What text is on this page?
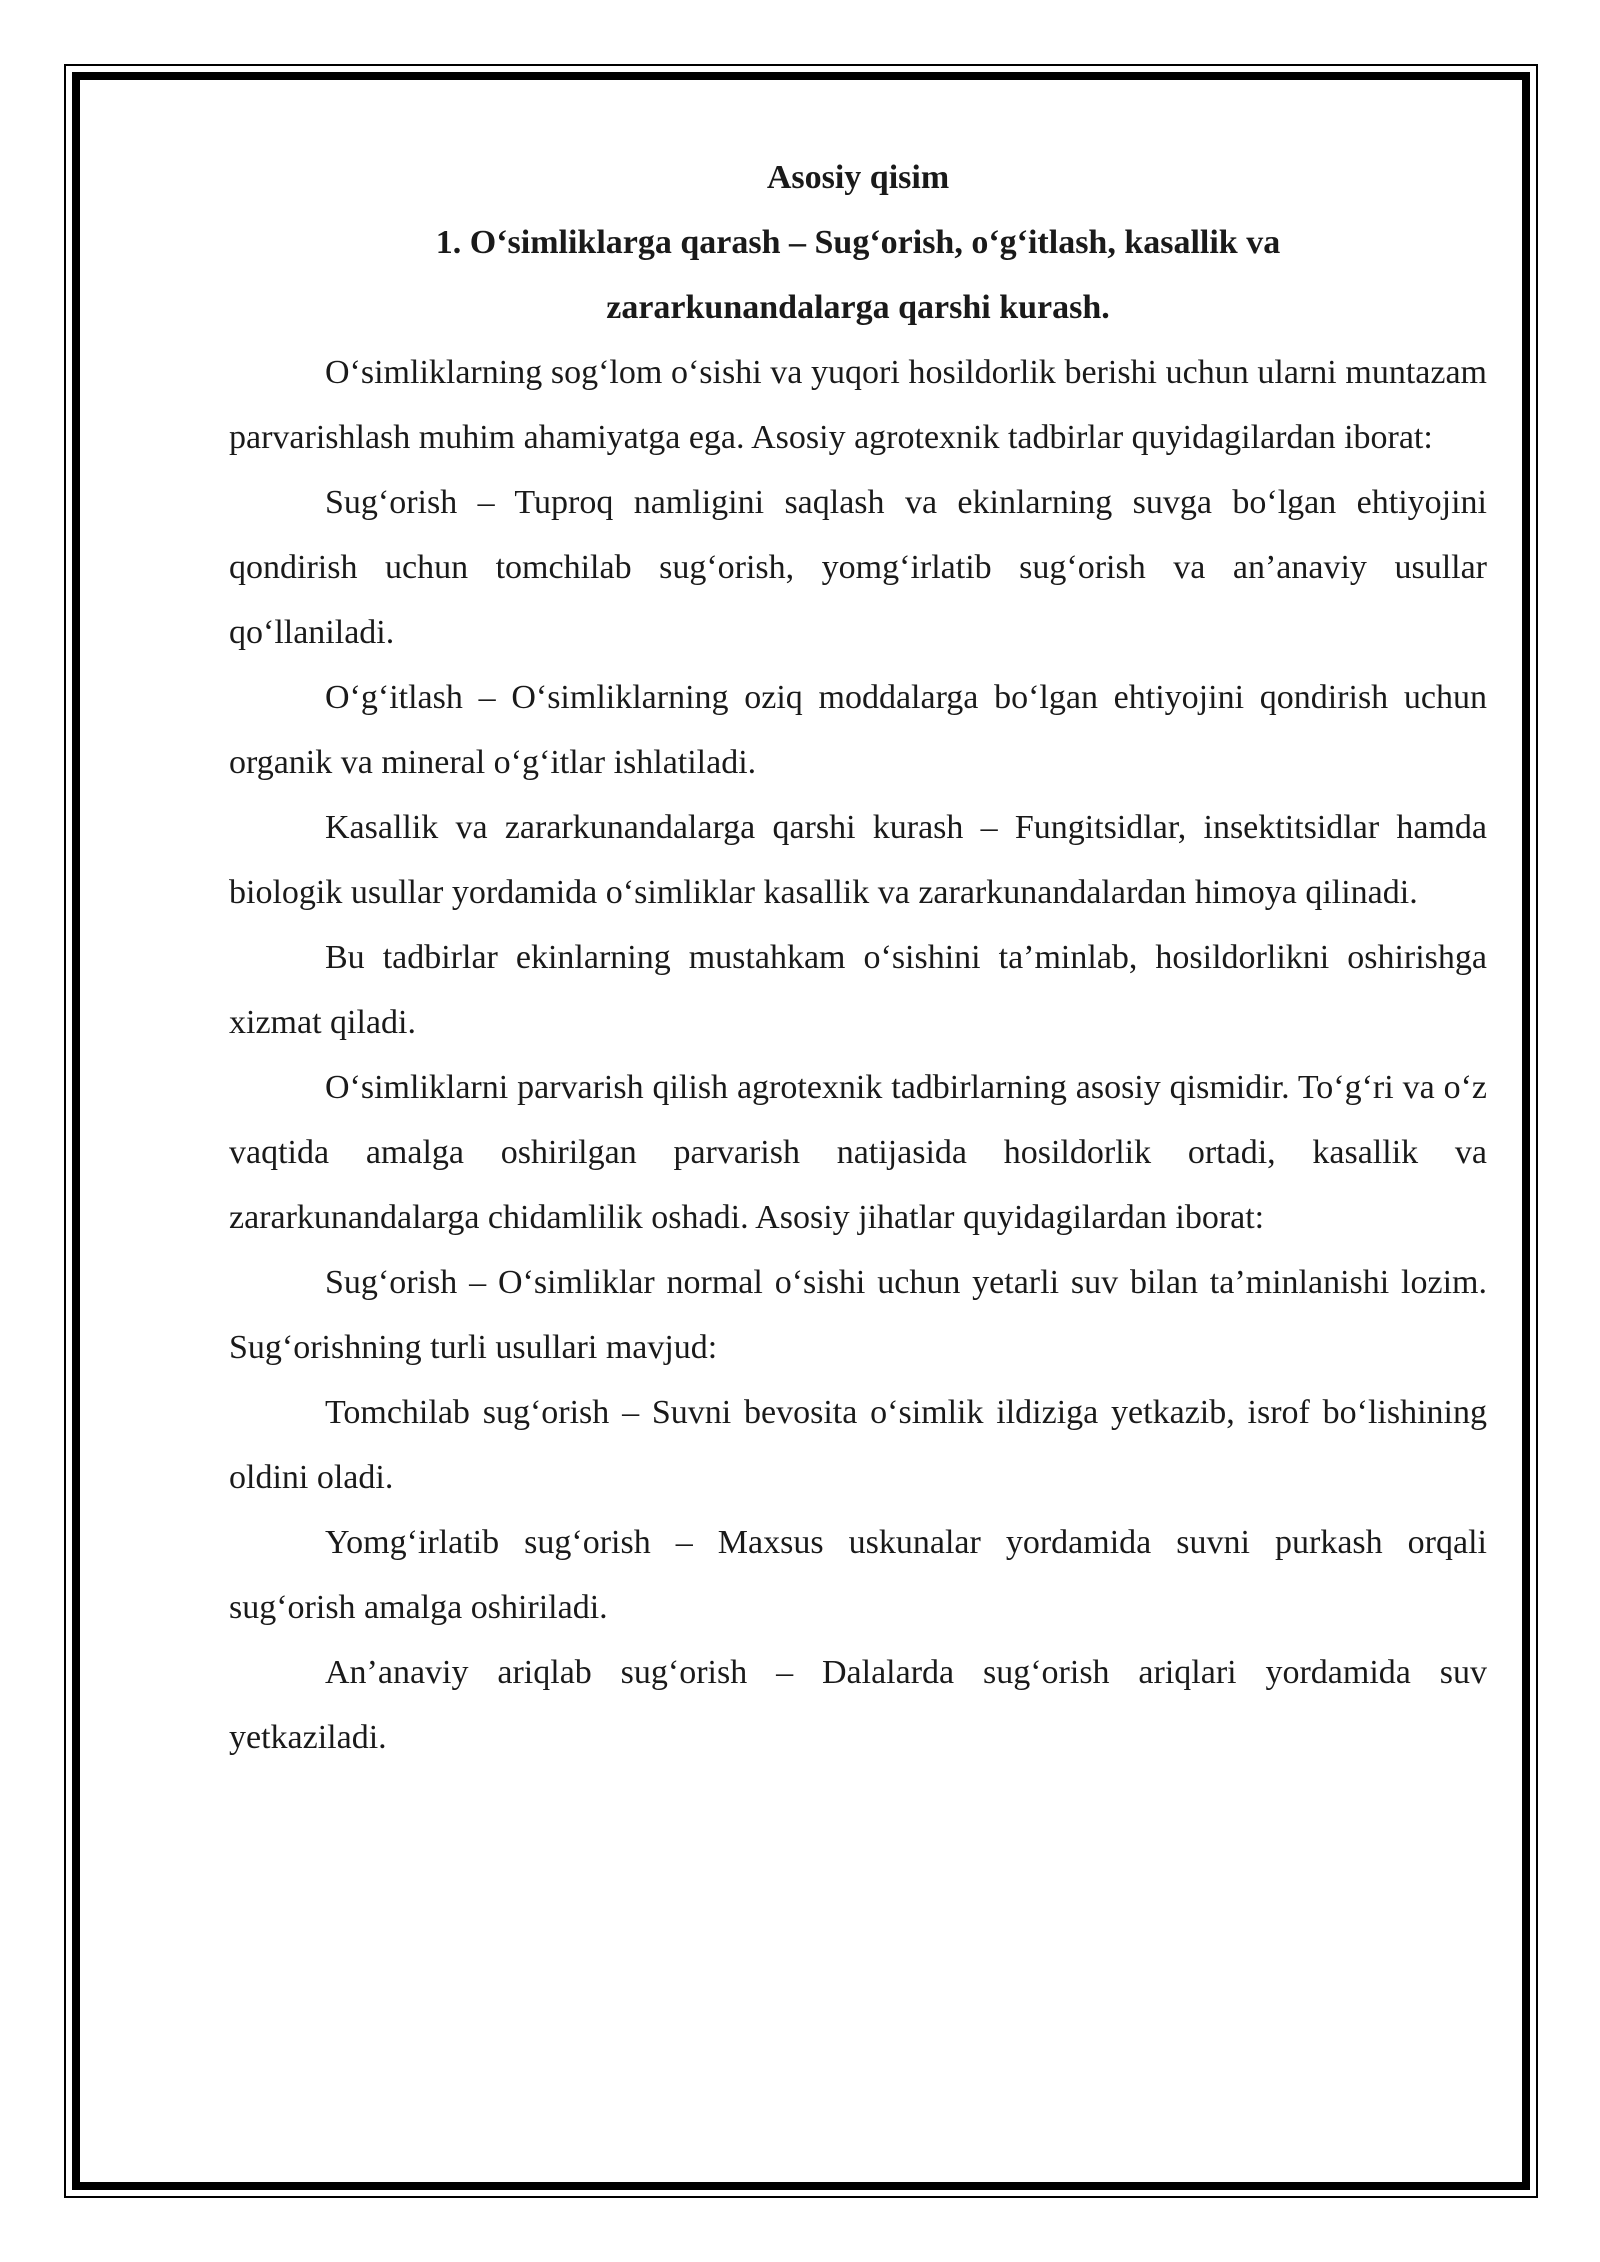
Asosiy qisim

1. O‘simliklarga qarash – Sug‘orish, o‘g‘itlash, kasallik va zararkunandalarga qarshi kurash.

O‘simliklarning sog‘lom o‘sishi va yuqori hosildorlik berishi uchun ularni muntazam parvarishlash muhim ahamiyatga ega. Asosiy agrotexnik tadbirlar quyidagilardan iborat:

Sug‘orish – Tuproq namligini saqlash va ekinlarning suvga bo‘lgan ehtiyojini qondirish uchun tomchilab sug‘orish, yomg‘irlatib sug‘orish va an’anaviy usullar qo‘llaniladi.

O‘g‘itlash – O‘simliklarning oziq moddalarga bo‘lgan ehtiyojini qondirish uchun organik va mineral o‘g‘itlar ishlatiladi.

Kasallik va zararkunandalarga qarshi kurash – Fungitsidlar, insektitsidlar hamda biologik usullar yordamida o‘simliklar kasallik va zararkunandalardan himoya qilinadi.

Bu tadbirlar ekinlarning mustahkam o‘sishini ta’minlab, hosildorlikni oshirishga xizmat qiladi.

O‘simliklarni parvarish qilish agrotexnik tadbirlarning asosiy qismidir. To‘g‘ri va o‘z vaqtida amalga oshirilgan parvarish natijasida hosildorlik ortadi, kasallik va zararkunandalarga chidamlilik oshadi. Asosiy jihatlar quyidagilardan iborat:

Sug‘orish – O‘simliklar normal o‘sishi uchun yetarli suv bilan ta’minlanishi lozim. Sug‘orishning turli usullari mavjud:

Tomchilab sug‘orish – Suvni bevosita o‘simlik ildiziga yetkazib, isrof bo‘lishining oldini oladi.

Yomg‘irlatib sug‘orish – Maxsus uskunalar yordamida suvni purkash orqali sug‘orish amalga oshiriladi.

An’anaviy ariqlab sug‘orish – Dalalarda sug‘orish ariqlari yordamida suv yetkaziladi.
